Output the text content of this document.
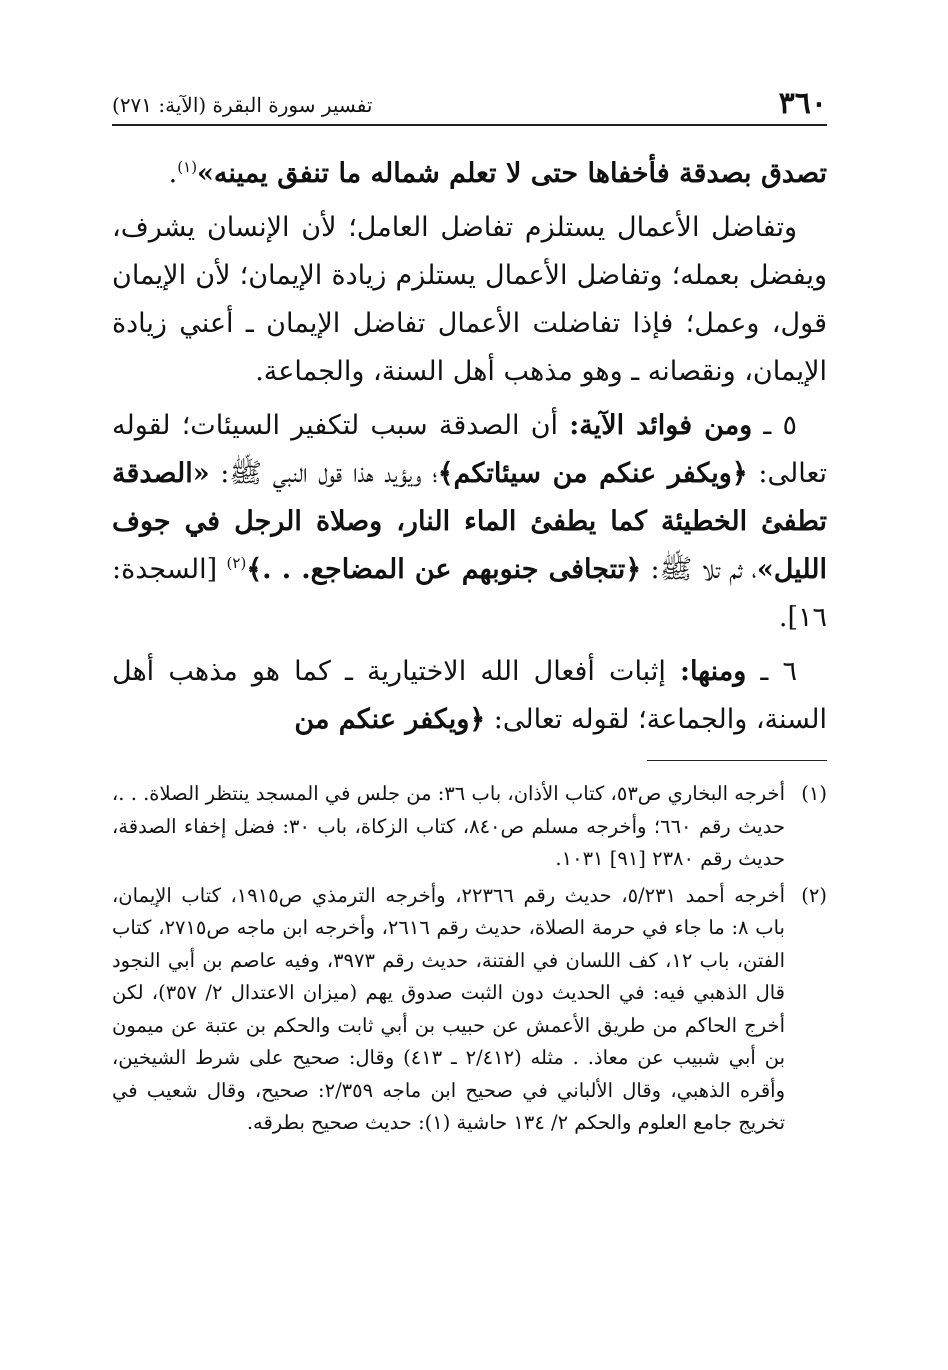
٣٦٠
تفسير سورة البقرة (الآية: ٢٧١)

تصدق بصدقة فأخفاها حتى لا تعلم شماله ما تنفق يمينه»$^{(١)}$.

وتفاضل الأعمال يستلزم تفاضل العامل؛ لأن الإنسان يشرف، ويفضل بعمله؛ وتفاضل الأعمال يستلزم زيادة الإيمان؛ لأن الإيمان قول، وعمل؛ فإذا تفاضلت الأعمال تفاضل الإيمان ـ أعني زيادة الإيمان، ونقصانه ـ وهو مذهب أهل السنة، والجماعة.

٥ ـ ومن فوائد الآية: أن الصدقة سبب لتكفير السيئات؛ لقوله تعالى: ﴿ويكفر عنكم من سيئاتكم﴾؛ ويؤيد هذا قول النبي ﷺ: «الصدقة تطفئ الخطيئة كما يطفئ الماء النار، وصلاة الرجل في جوف الليل»، ثم تلا ﷺ: ﴿تتجافى جنوبهم عن المضاجع. . .﴾$^{(٢)}$ [السجدة: ١٦].

٦ ـ ومنها: إثبات أفعال الله الاختيارية ـ كما هو مذهب أهل السنة، والجماعة؛ لقوله تعالى: ﴿ويكفر عنكم من

(١)
أخرجه البخاري ص٥٣، كتاب الأذان، باب ٣٦: من جلس في المسجد ينتظر الصلاة. . .، حديث رقم ٦٦٠؛ وأخرجه مسلم ص٨٤٠، كتاب الزكاة، باب ٣٠: فضل إخفاء الصدقة، حديث رقم ٢٣٨٠ [٩١] ١٠٣١.
(٢)
أخرجه أحمد ٥/٢٣١، حديث رقم ٢٢٣٦٦، وأخرجه الترمذي ص١٩١٥، كتاب الإيمان، باب ٨: ما جاء في حرمة الصلاة، حديث رقم ٢٦١٦، وأخرجه ابن ماجه ص٢٧١٥، كتاب الفتن، باب ١٢، كف اللسان في الفتنة، حديث رقم ٣٩٧٣، وفيه عاصم بن أبي النجود قال الذهبي فيه: في الحديث دون الثبت صدوق يهم (ميزان الاعتدال ٢/ ٣٥٧)، لكن أخرج الحاكم من طريق الأعمش عن حبيب بن أبي ثابت والحكم بن عتبة عن ميمون بن أبي شبيب عن معاذ. . مثله (٢/٤١٢ ـ ٤١٣) وقال: صحيح على شرط الشيخين، وأقره الذهبي، وقال الألباني في صحيح ابن ماجه ٢/٣٥٩: صحيح، وقال شعيب في تخريج جامع العلوم والحكم ٢/ ١٣٤ حاشية (١): حديث صحيح بطرقه.
